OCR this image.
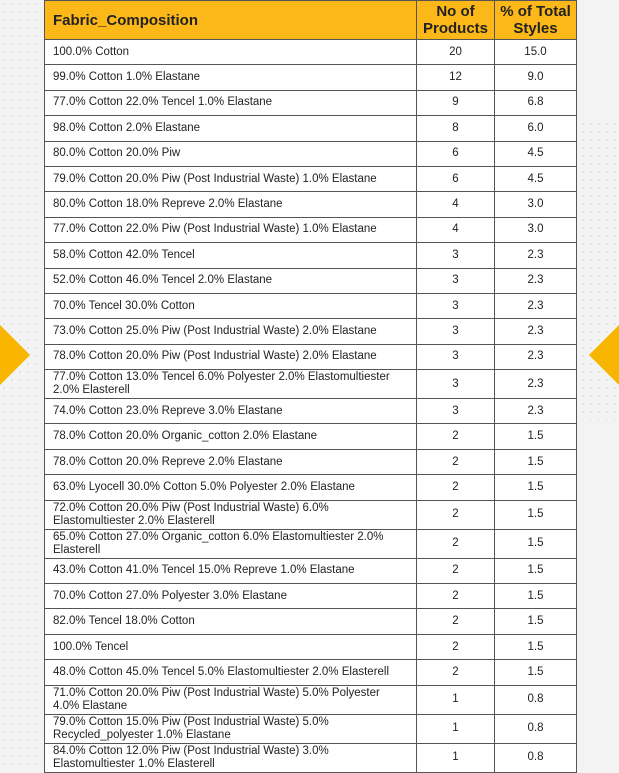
Fabric_Composition	No of Products	% of Total Styles
100.0% Cotton	20	15.0
99.0% Cotton 1.0% Elastane	12	9.0
77.0% Cotton 22.0% Tencel 1.0% Elastane	9	6.8
98.0% Cotton 2.0% Elastane	8	6.0
80.0% Cotton 20.0% Piw	6	4.5
79.0% Cotton 20.0% Piw (Post Industrial Waste) 1.0% Elastane	6	4.5
80.0% Cotton 18.0% Repreve 2.0% Elastane	4	3.0
77.0% Cotton 22.0% Piw (Post Industrial Waste) 1.0% Elastane	4	3.0
58.0% Cotton 42.0% Tencel	3	2.3
52.0% Cotton 46.0% Tencel 2.0% Elastane	3	2.3
70.0% Tencel 30.0% Cotton	3	2.3
73.0% Cotton 25.0% Piw (Post Industrial Waste) 2.0% Elastane	3	2.3
78.0% Cotton 20.0% Piw (Post Industrial Waste) 2.0% Elastane	3	2.3
77.0% Cotton 13.0% Tencel 6.0% Polyester 2.0% Elastomultiester 2.0% Elasterell	3	2.3
74.0% Cotton 23.0% Repreve 3.0% Elastane	3	2.3
78.0% Cotton 20.0% Organic_cotton 2.0% Elastane	2	1.5
78.0% Cotton 20.0% Repreve 2.0% Elastane	2	1.5
63.0% Lyocell 30.0% Cotton 5.0% Polyester 2.0% Elastane	2	1.5
72.0% Cotton 20.0% Piw (Post Industrial Waste) 6.0% Elastomultiester 2.0% Elasterell	2	1.5
65.0% Cotton 27.0% Organic_cotton 6.0% Elastomultiester 2.0% Elasterell	2	1.5
43.0% Cotton 41.0% Tencel 15.0% Repreve 1.0% Elastane	2	1.5
70.0% Cotton 27.0% Polyester 3.0% Elastane	2	1.5
82.0% Tencel 18.0% Cotton	2	1.5
100.0% Tencel	2	1.5
48.0% Cotton 45.0% Tencel 5.0% Elastomultiester 2.0% Elasterell	2	1.5
71.0% Cotton 20.0% Piw (Post Industrial Waste) 5.0% Polyester 4.0% Elastane	1	0.8
79.0% Cotton 15.0% Piw (Post Industrial Waste) 5.0% Recycled_polyester 1.0% Elastane	1	0.8
84.0% Cotton 12.0% Piw (Post Industrial Waste) 3.0% Elastomultiester 1.0% Elasterell	1	0.8
